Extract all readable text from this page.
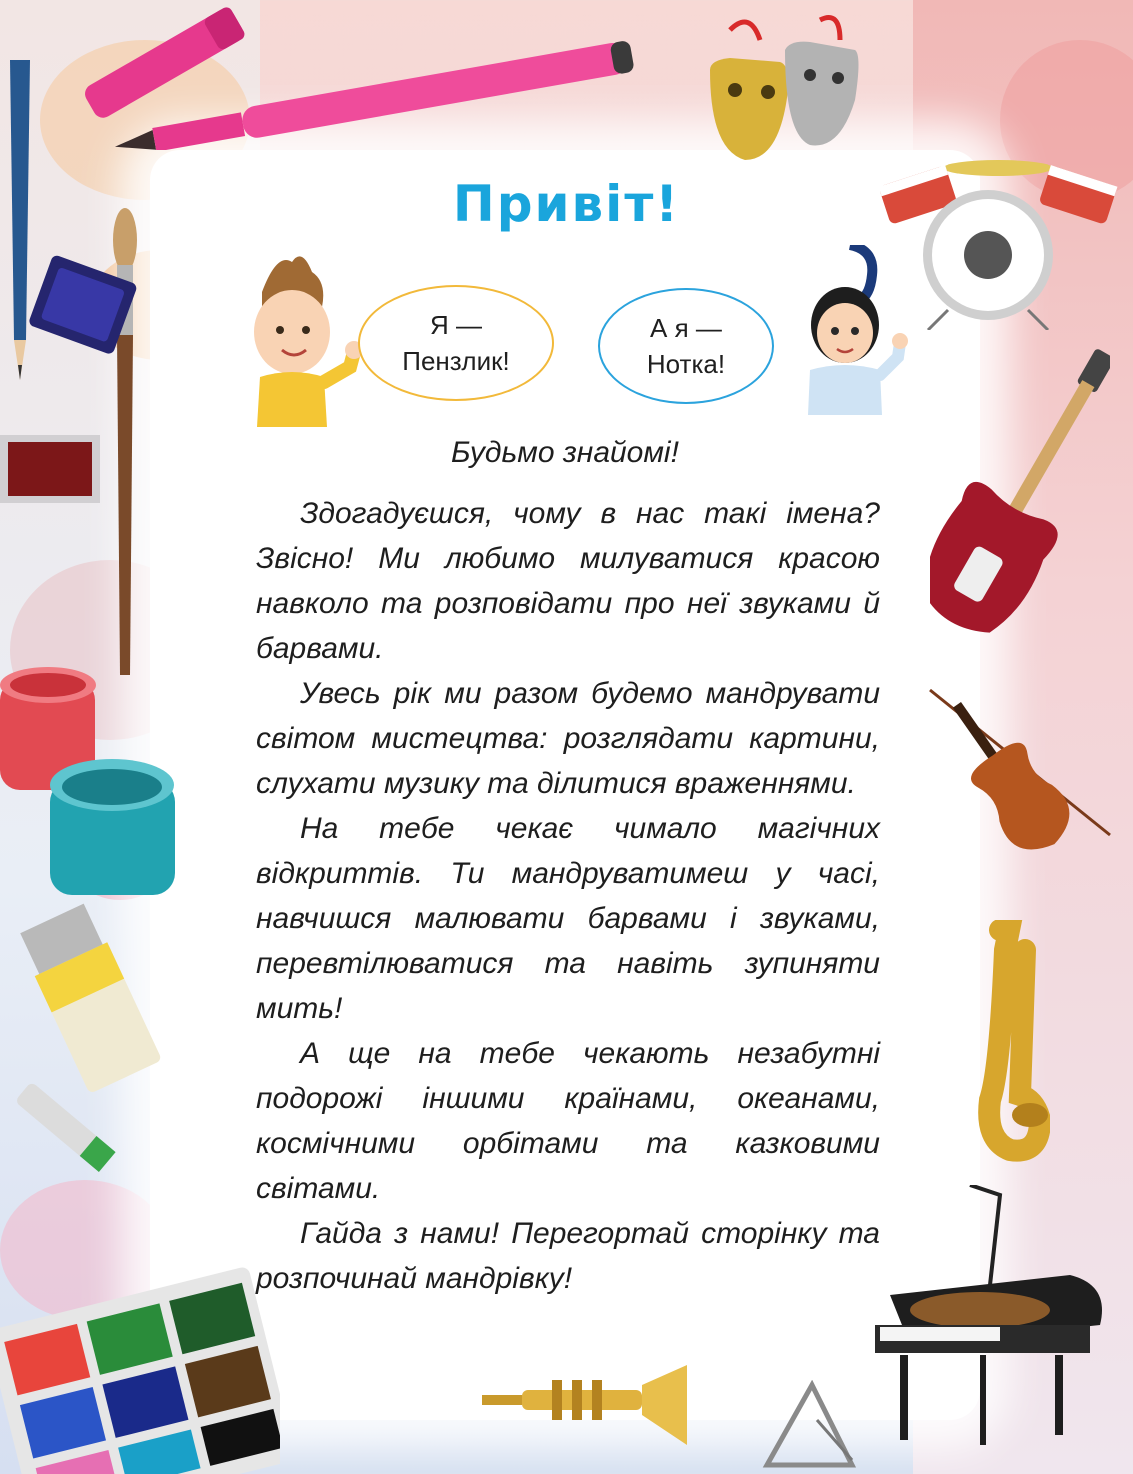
Привіт!
Я —
Пензлик!
А я —
Нотка!
Будьмо знайомі!

Здогадуєшся, чому в нас такі імена? Звісно! Ми любимо милуватися красою навколо та розповідати про неї звуками й барвами.

Увесь рік ми разом будемо мандрувати світом мистецтва: розглядати картини, слухати музику та ділитися враженнями.

На тебе чекає чимало магічних відкриттів. Ти мандруватимеш у часі, навчишся малювати барвами і звуками, перевтілюватися та навіть зупиняти мить!

А ще на тебе чекають незабутні подорожі іншими країнами, океанами, космічними орбітами та казковими світами.

Гайда з нами! Перегортай сторінку та розпочинай мандрівку!
